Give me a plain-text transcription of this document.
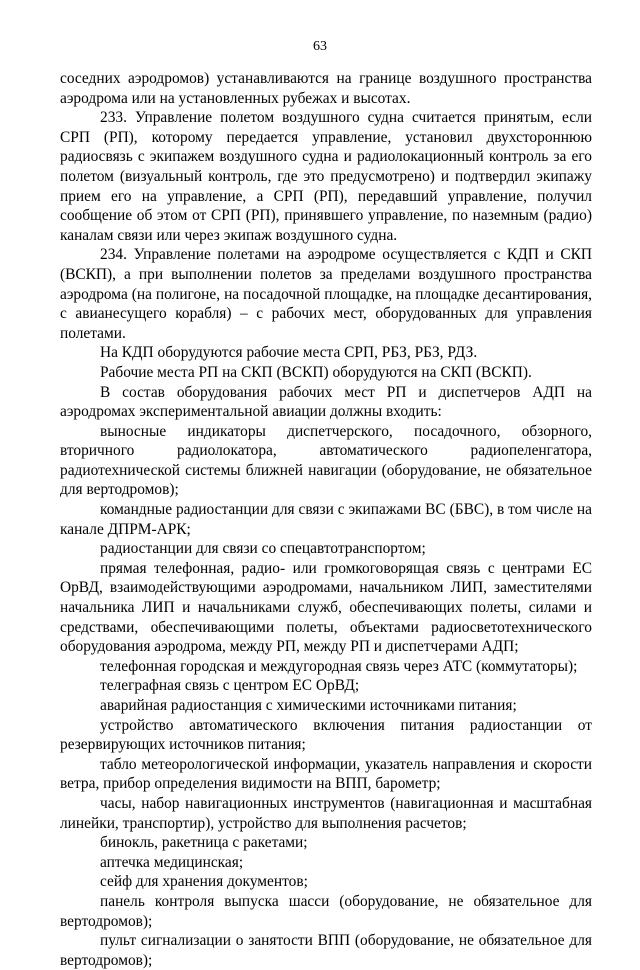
63

соседних аэродромов) устанавливаются на границе воздушного пространства аэродрома или на установленных рубежах и высотах.

233. Управление полетом воздушного судна считается принятым, если СРП (РП), которому передается управление, установил двухстороннюю радиосвязь с экипажем воздушного судна и радиолокационный контроль за его полетом (визуальный контроль, где это предусмотрено) и подтвердил экипажу прием его на управление, а СРП (РП), передавший управление, получил сообщение об этом от СРП (РП), принявшего управление, по наземным (радио) каналам связи или через экипаж воздушного судна.

234. Управление полетами на аэродроме осуществляется с КДП и СКП (ВСКП), а при выполнении полетов за пределами воздушного пространства аэродрома (на полигоне, на посадочной площадке, на площадке десантирования, с авианесущего корабля) – с рабочих мест, оборудованных для управления полетами.

На КДП оборудуются рабочие места СРП, РБЗ, РБЗ, РДЗ.

Рабочие места РП на СКП (ВСКП) оборудуются на СКП (ВСКП).

В состав оборудования рабочих мест РП и диспетчеров АДП на аэродромах экспериментальной авиации должны входить:

выносные индикаторы диспетчерского, посадочного, обзорного, вторичного радиолокатора, автоматического радиопеленгатора, радиотехнической системы ближней навигации (оборудование, не обязательное для вертодромов);

командные радиостанции для связи с экипажами ВС (БВС), в том числе на канале ДПРМ-АРК;

радиостанции для связи со спецавтотранспортом;

прямая телефонная, радио- или громкоговорящая связь с центрами ЕС ОрВД, взаимодействующими аэродромами, начальником ЛИП, заместителями начальника ЛИП и начальниками служб, обеспечивающих полеты, силами и средствами, обеспечивающими полеты, объектами радиосветотехнического оборудования аэродрома, между РП, между РП и диспетчерами АДП;

телефонная городская и междугородная связь через АТС (коммутаторы);

телеграфная связь с центром ЕС ОрВД;

аварийная радиостанция с химическими источниками питания;

устройство автоматического включения питания радиостанции от резервирующих источников питания;

табло метеорологической информации, указатель направления и скорости ветра, прибор определения видимости на ВПП, барометр;

часы, набор навигационных инструментов (навигационная и масштабная линейки, транспортир), устройство для выполнения расчетов;

бинокль, ракетница с ракетами;

аптечка медицинская;

сейф для хранения документов;

панель контроля выпуска шасси (оборудование, не обязательное для вертодромов);

пульт сигнализации о занятости ВПП (оборудование, не обязательное для вертодромов);
